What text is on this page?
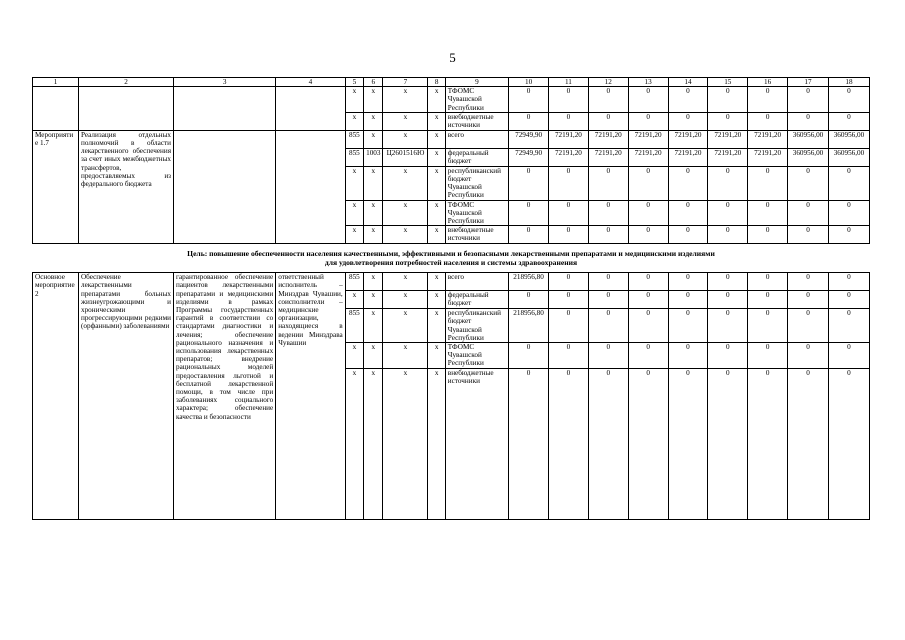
5
1	2	3	4	5	6	7	8	9	10	11	12	13	14	15	16	17	18
				x	x	x	x	ТФОМС Чувашской Республики	0	0	0	0	0	0	0	0	0
				x	x	x	x	внебюджетные источники	0	0	0	0	0	0	0	0	0
Мероприятие 1.7	Реализация отдельных полномочий в области лекарственного обеспечения за счет иных межбюджетных трансфертов, предоставляемых из федерального бюджета			855	x	x	x	всего	72949,90	72191,20	72191,20	72191,20	72191,20	72191,20	72191,20	360956,00	360956,00
				855	1003	Ц2601516Ю	x	федеральный бюджет	72949,90	72191,20	72191,20	72191,20	72191,20	72191,20	72191,20	360956,00	360956,00
				x	x	x	x	республиканский бюджет Чувашской Республики	0	0	0	0	0	0	0	0	0
				x	x	x	x	ТФОМС Чувашской Республики	0	0	0	0	0	0	0	0	0
				x	x	x	x	внебюджетные источники	0	0	0	0	0	0	0	0	0

Цель: повышение обеспеченности населения качественными, эффективными и безопасными лекарственными препаратами и медицинскими изделиями
для удовлетворения потребностей населения и системы здравоохранения																	

Основное мероприятие 2	Обеспечение лекарственными препаратами больных жизнеугрожающими и хроническими прогрессирующими редкими (орфанными) заболеваниями	гарантированное обеспечение пациентов лекарственными препаратами и медицинскими изделиями в рамках Программы государственных гарантий в соответствии со стандартами диагностики и лечения; обеспечение рационального назначения и использования лекарственных препаратов; внедрение рациональных моделей предоставления льготной и бесплатной лекарственной помощи, в том числе при заболеваниях социального характера; обеспечение качества и безопасности	ответственный исполнитель – Минздрав Чувашии, соисполнители – медицинские организации, находящиеся в ведении Минздрава Чувашии	855	x	x	x	всего	218956,80	0	0	0	0	0	0	0	0
				x	x	x	x	федеральный бюджет	0	0	0	0	0	0	0	0	0
				855	x	x	x	республиканский бюджет Чувашской Республики	218956,80	0	0	0	0	0	0	0	0
				x	x	x	x	ТФОМС Чувашской Республики	0	0	0	0	0	0	0	0	0
				x	x	x	x	внебюджетные источники	0	0	0	0	0	0	0	0	0
